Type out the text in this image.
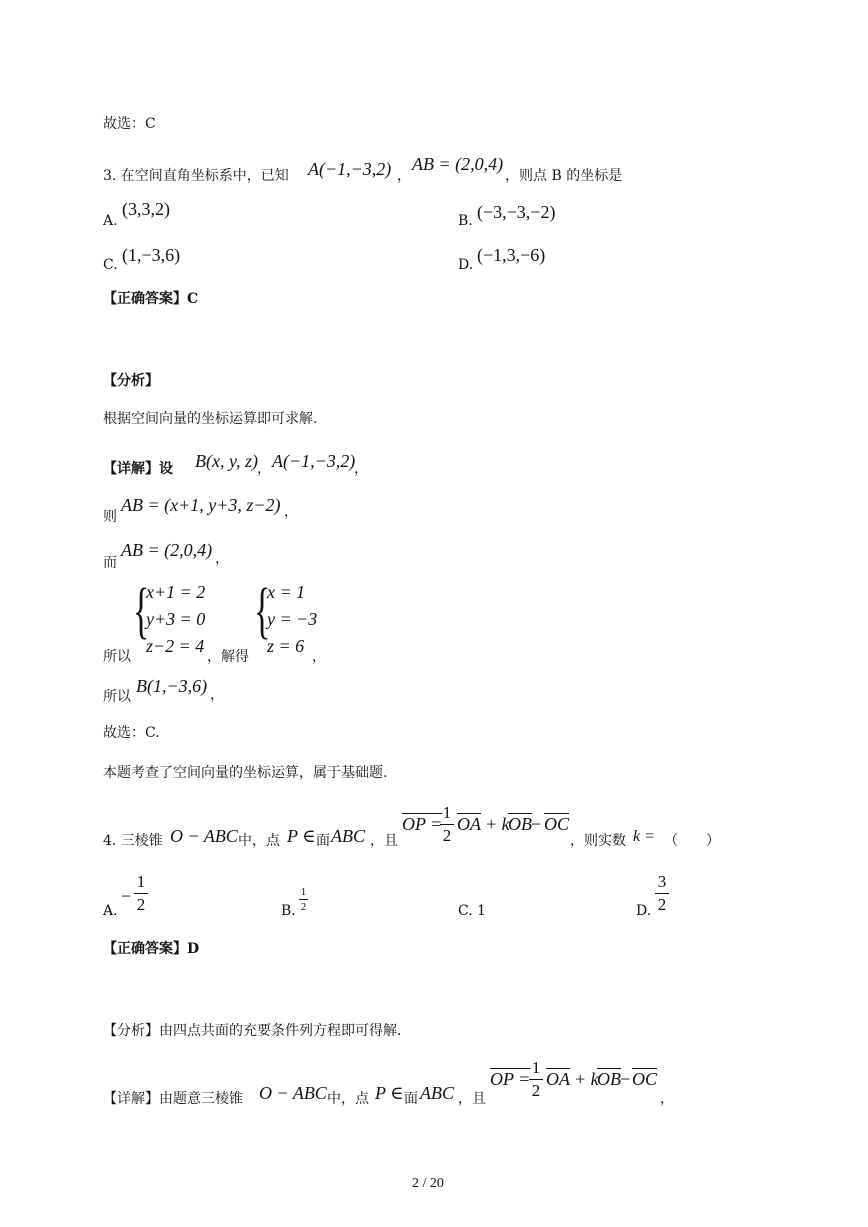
故选：C
3. 在空间直角坐标系中，已知 A(−1,−3,2) ，
AB = (2,0,4)
，则点 B 的坐标是
A.
(3,3,2)
B. (−3,−3,−2)
C. (1,−3,6)	D. (−1,3,−6)
【正确答案】C
【分析】
根据空间向量的坐标运算即可求解.
【详解】设 B(x, y, z) ， A(−1,−3,2)
，
则
AB = (x+1, y+3, z−2) ，
而
AB = (2,0,4) ，
所以
{
x+1 = 2
y+3 = 0
z−2 = 4
，解得
{
x = 1
y = −3
z = 6
，
所以
B(1,−3,6) ，
故选：C.
本题考查了空间向量的坐标运算，属于基础题.
4. 三棱锥 O − ABC 中，点 P ∈ 面 ABC ，且
OP =
1
2
$\overline{OA} + k$
$\overline{OB} - \overline{OC}$
，则实数 k = （　　）
A.
−
1
2	B.
1
2	C. 1	D.
3
2
【正确答案】D
【分析】由四点共面的充要条件列方程即可得解.
【详解】由题意三棱锥 O − ABC 中，点 P ∈ 面 ABC ，且
OP =
1
2
$\overline{OA} + k$
$\overline{OB} - \overline{OC}$
，
2 / 20
